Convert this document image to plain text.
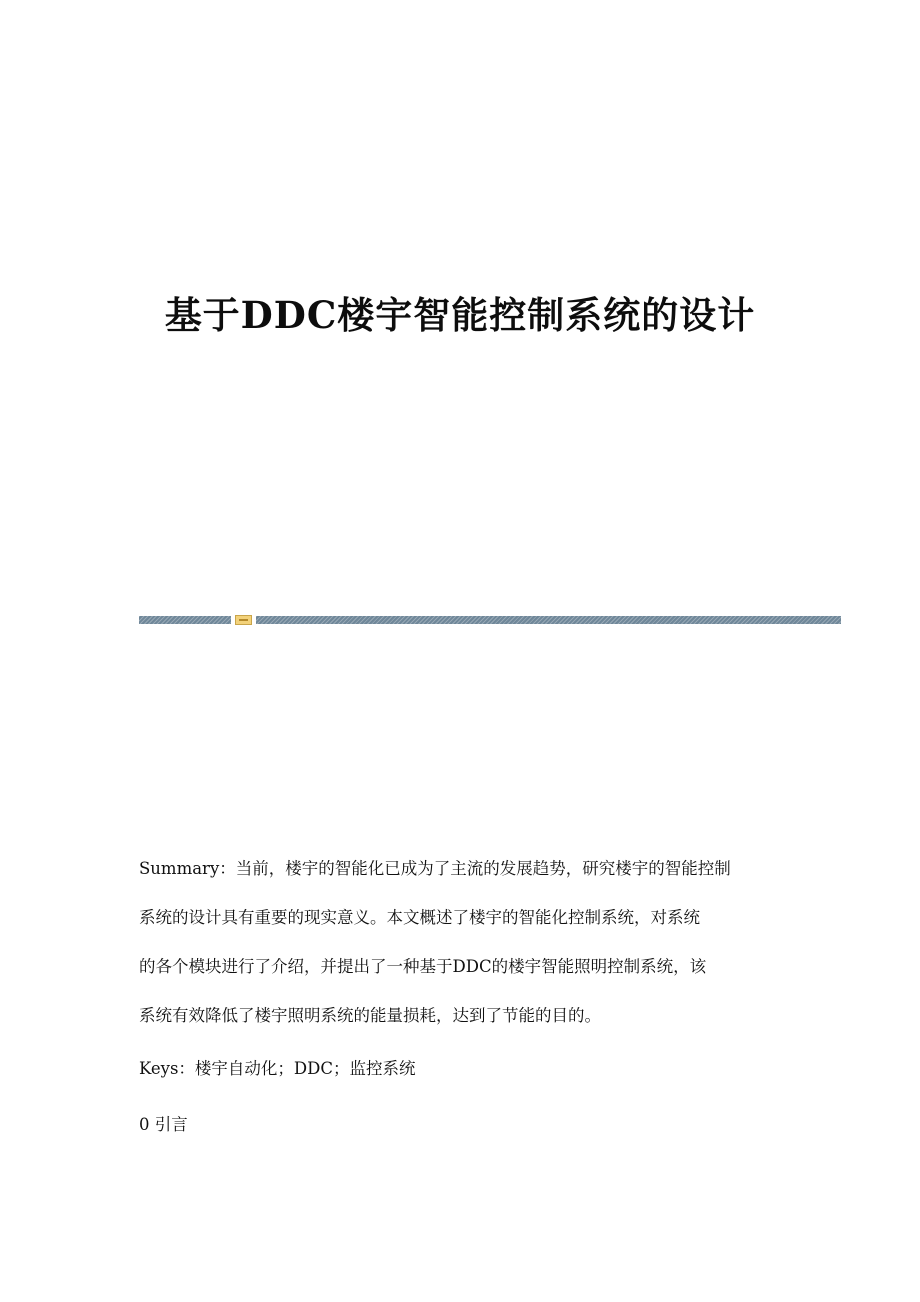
基于DDC楼宇智能控制系统的设计
Summary：当前，楼宇的智能化已成为了主流的发展趋势，研究楼宇的智能控制
系统的设计具有重要的现实意义。本文概述了楼宇的智能化控制系统，对系统
的各个模块进行了介绍，并提出了一种基于DDC的楼宇智能照明控制系统，该
系统有效降低了楼宇照明系统的能量损耗，达到了节能的目的。
Keys：楼宇自动化；DDC；监控系统
0 引言
